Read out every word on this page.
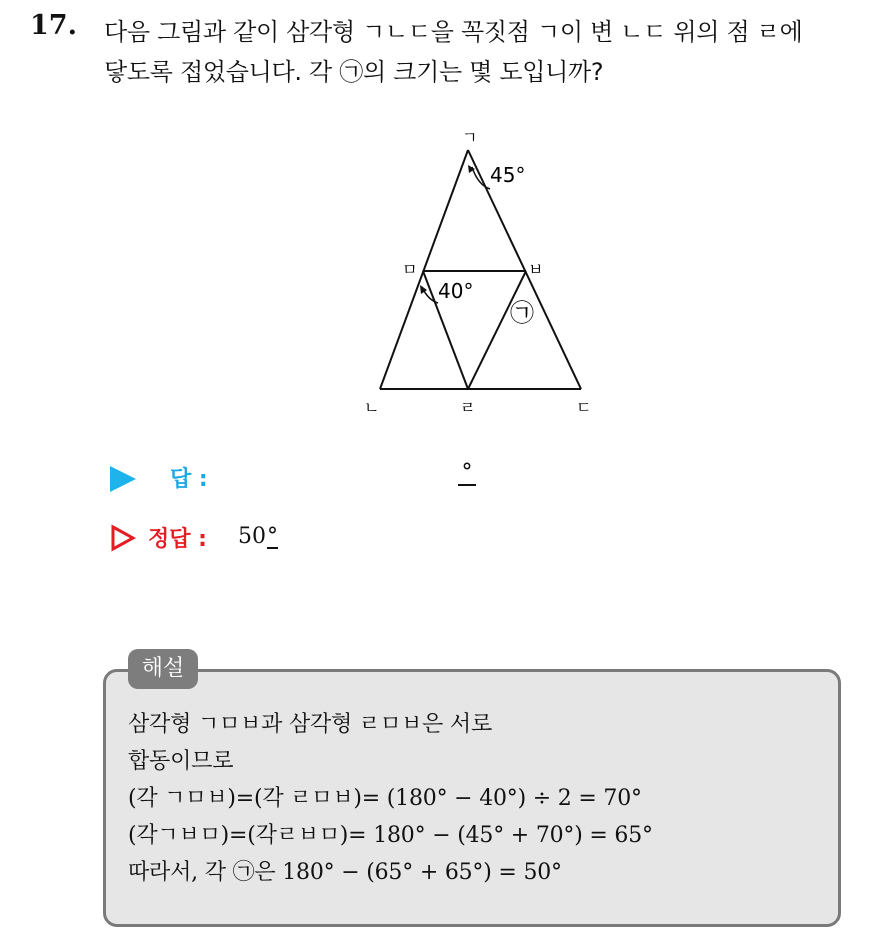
17. 다음 그림과 같이 삼각형 ㄱㄴㄷ을 꼭짓점 ㄱ이 변 ㄴㄷ 위의 점 ㄹ에
닿도록 접었습니다. 각 ㉠의 크기는 몇 도입니까?
ㄱ
ㅁ	ㅂ
ㄴ	ㄹ	ㄷ
45°
40°
㉠
답 :	°
정답 : 50°
해설
삼각형 ㄱㅁㅂ과 삼각형 ㄹㅁㅂ은 서로
합동이므로
(각 ㄱㅁㅂ)=(각 ㄹㅁㅂ)= (180° − 40°) ÷ 2 = 70°
(각ㄱㅂㅁ)=(각ㄹㅂㅁ)= 180° − (45° + 70°) = 65°
따라서, 각 ㉠은 180° − (65° + 65°) = 50°
